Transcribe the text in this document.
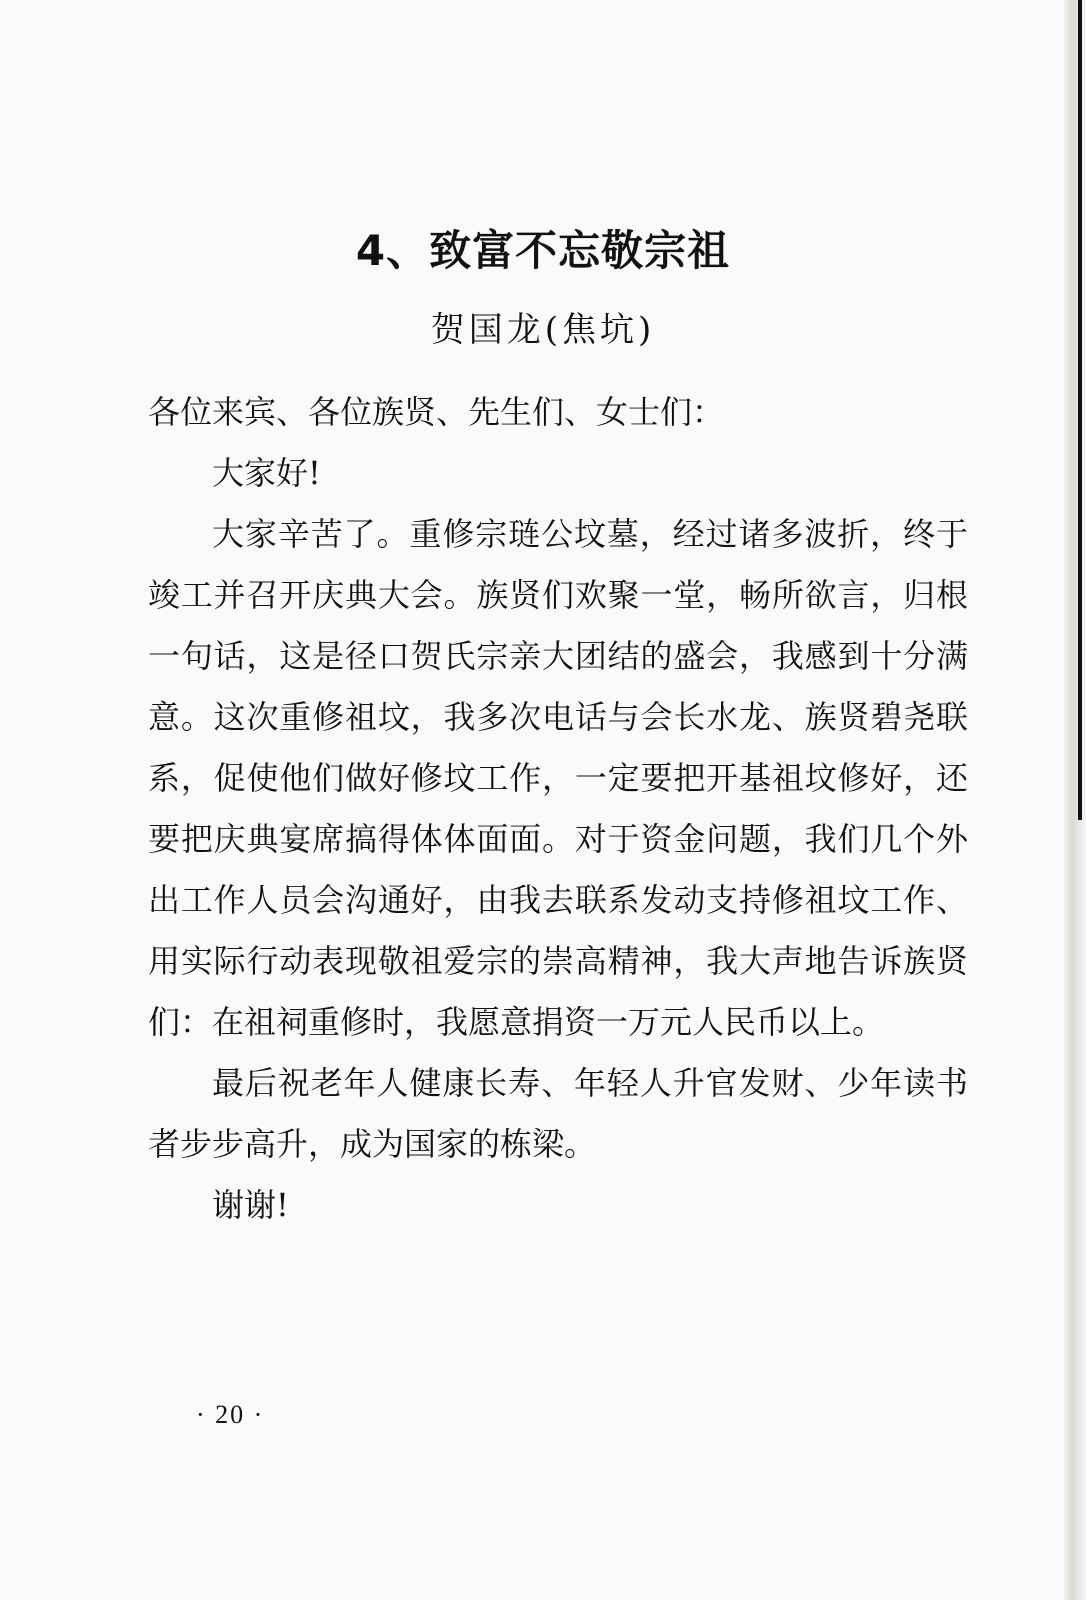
4、致富不忘敬宗祖
贺国龙(焦坑)

各位来宾、各位族贤、先生们、女士们：

大家好!

大家辛苦了。重修宗琏公坟墓，经过诸多波折，终于竣工并召开庆典大会。族贤们欢聚一堂，畅所欲言，归根一句话，这是径口贺氏宗亲大团结的盛会，我感到十分满意。这次重修祖坟，我多次电话与会长水龙、族贤碧尧联系，促使他们做好修坟工作，一定要把开基祖坟修好，还要把庆典宴席搞得体体面面。对于资金问题，我们几个外出工作人员会沟通好，由我去联系发动支持修祖坟工作、用实际行动表现敬祖爱宗的崇高精神，我大声地告诉族贤们：在祖祠重修时，我愿意捐资一万元人民币以上。

最后祝老年人健康长寿、年轻人升官发财、少年读书者步步高升，成为国家的栋梁。

谢谢!

· 20 ·
